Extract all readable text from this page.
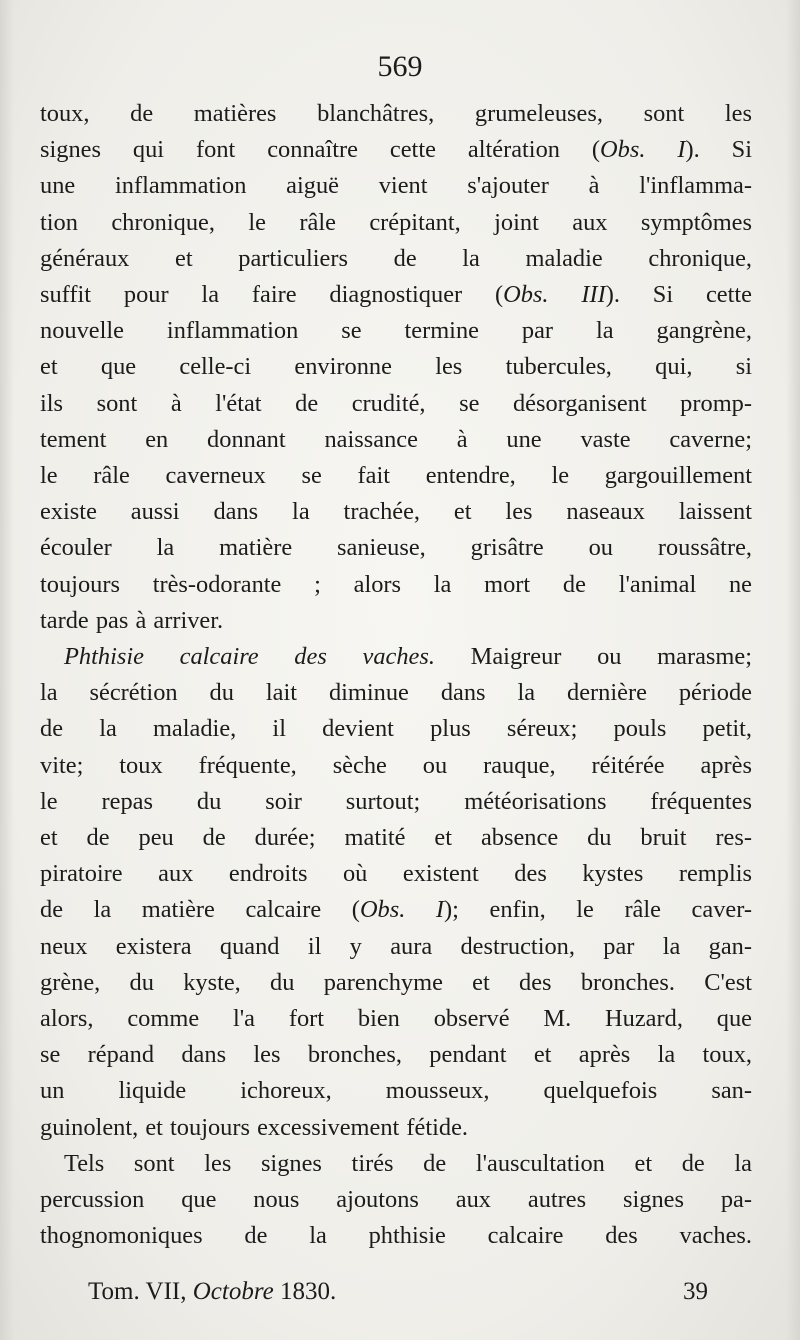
569
toux, de matières blanchâtres, grumeleuses, sont les
signes qui font connaître cette altération (Obs. I). Si
une inflammation aiguë vient s'ajouter à l'inflamma-
tion chronique, le râle crépitant, joint aux symptômes
généraux et particuliers de la maladie chronique,
suffit pour la faire diagnostiquer (Obs. III). Si cette
nouvelle inflammation se termine par la gangrène,
et que celle-ci environne les tubercules, qui, si
ils sont à l'état de crudité, se désorganisent promp-
tement en donnant naissance à une vaste caverne;
le râle caverneux se fait entendre, le gargouillement
existe aussi dans la trachée, et les naseaux laissent
écouler la matière sanieuse, grisâtre ou roussâtre,
toujours très-odorante ; alors la mort de l'animal ne
tarde pas à arriver.
Phthisie calcaire des vaches. Maigreur ou marasme;
la sécrétion du lait diminue dans la dernière période
de la maladie, il devient plus séreux; pouls petit,
vite; toux fréquente, sèche ou rauque, réitérée après
le repas du soir surtout; météorisations fréquentes
et de peu de durée; matité et absence du bruit res-
piratoire aux endroits où existent des kystes remplis
de la matière calcaire (Obs. I); enfin, le râle caver-
neux existera quand il y aura destruction, par la gan-
grène, du kyste, du parenchyme et des bronches. C'est
alors, comme l'a fort bien observé M. Huzard, que
se répand dans les bronches, pendant et après la toux,
un liquide ichoreux, mousseux, quelquefois san-
guinolent, et toujours excessivement fétide.
Tels sont les signes tirés de l'auscultation et de la
percussion que nous ajoutons aux autres signes pa-
thognomoniques de la phthisie calcaire des vaches.
Tom. VII, Octobre 1830.	39
